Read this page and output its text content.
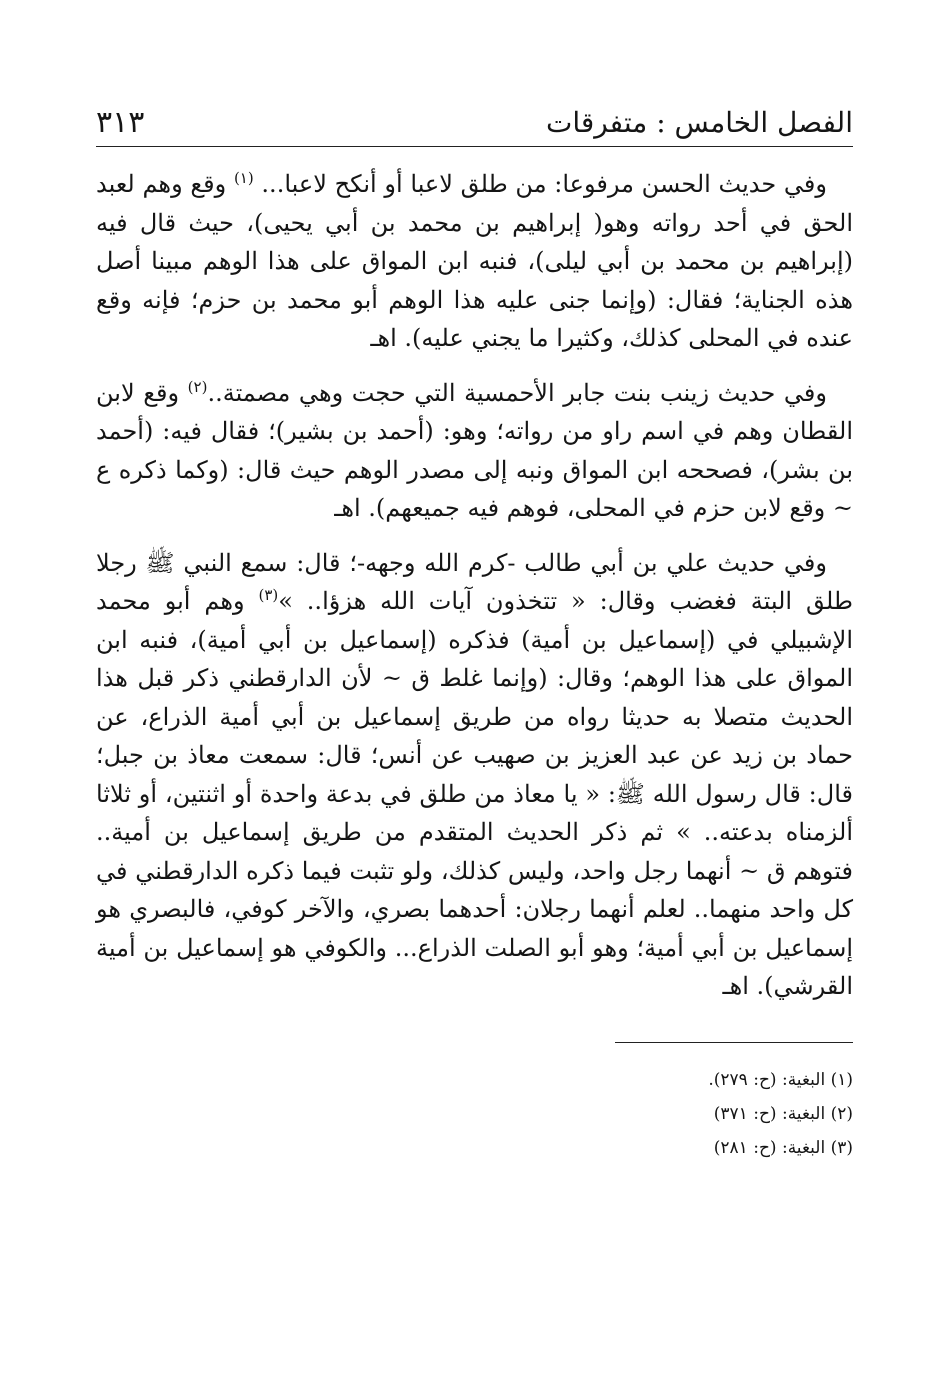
الفصل الخامس : متفرقات
٣١٣

وفي حديث الحسن مرفوعا: من طلق لاعبا أو أنكح لاعبا... $^{(١)}$ وقع وهم لعبد الحق في أحد رواته وهو( إبراهيم بن محمد بن أبي يحيى)، حيث قال فيه (إبراهيم بن محمد بن أبي ليلى)، فنبه ابن المواق على هذا الوهم مبينا أصل هذه الجناية؛ فقال: (وإنما جنى عليه هذا الوهم أبو محمد بن حزم؛ فإنه وقع عنده في المحلى كذلك، وكثيرا ما يجني عليه). اهـ

وفي حديث زينب بنت جابر الأحمسية التي حجت وهي مصمتة..$^{(٢)}$ وقع لابن القطان وهم في اسم راو من رواته؛ وهو: (أحمد بن بشير)؛ فقال فيه: (أحمد بن بشر)، فصححه ابن المواق ونبه إلى مصدر الوهم حيث قال: (وكما ذكره ع ~ وقع لابن حزم في المحلى، فوهم فيه جميعهم). اهـ

وفي حديث علي بن أبي طالب -كرم الله وجهه-؛ قال: سمع النبي ﷺ رجلا طلق البتة فغضب وقال: « تتخذون آيات الله هزؤا.. »$^{(٣)}$ وهم أبو محمد الإشبيلي في (إسماعيل بن أمية) فذكره (إسماعيل بن أبي أمية)، فنبه ابن المواق على هذا الوهم؛ وقال: (وإنما غلط ق ~ لأن الدارقطني ذكر قبل هذا الحديث متصلا به حديثا رواه من طريق إسماعيل بن أبي أمية الذراع، عن حماد بن زيد عن عبد العزيز بن صهيب عن أنس؛ قال: سمعت معاذ بن جبل؛ قال: قال رسول الله ﷺ: « يا معاذ من طلق في بدعة واحدة أو اثنتين، أو ثلاثا ألزمناه بدعته.. » ثم ذكر الحديث المتقدم من طريق إسماعيل بن أمية.. فتوهم ق ~ أنهما رجل واحد، وليس كذلك، ولو تثبت فيما ذكره الدارقطني في كل واحد منهما.. لعلم أنهما رجلان: أحدهما بصري، والآخر كوفي، فالبصري هو إسماعيل بن أبي أمية؛ وهو أبو الصلت الذراع... والكوفي هو إسماعيل بن أمية القرشي). اهـ

(١) البغية: (ح: ٢٧٩).
(٢) البغية: (ح: ٣٧١)
(٣) البغية: (ح: ٢٨١)
